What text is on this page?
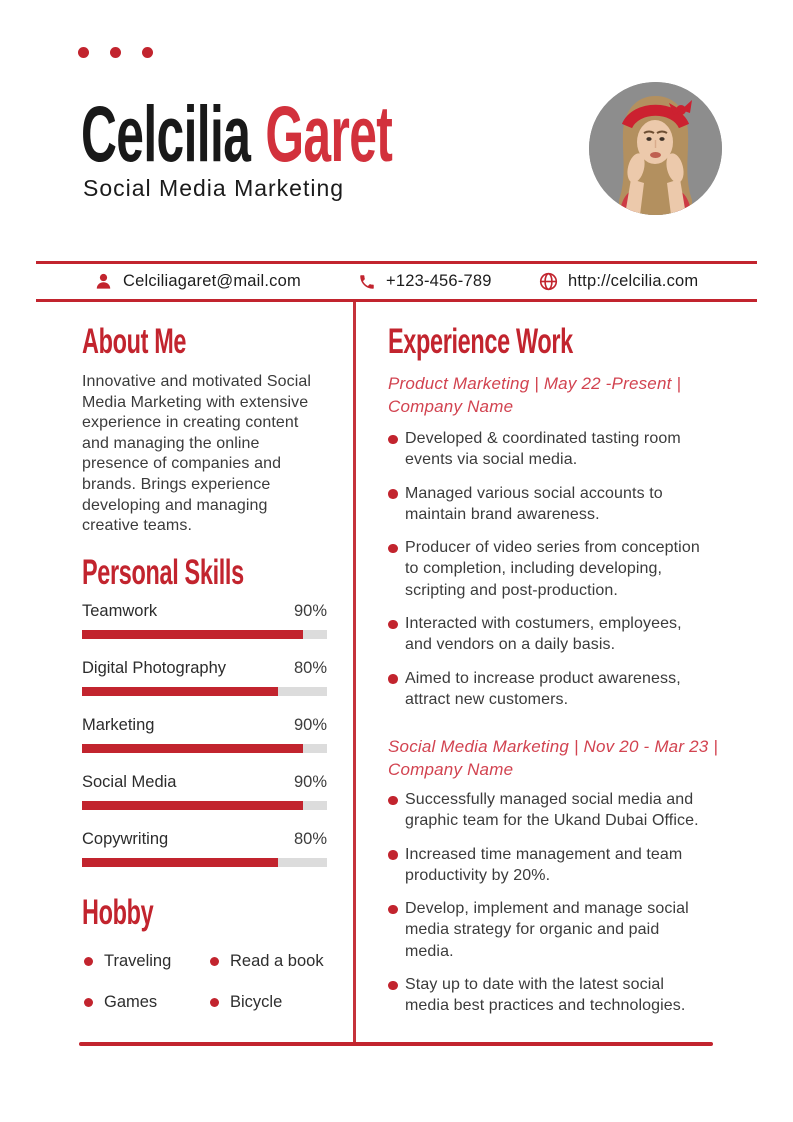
Celcilia Garet
Social Media Marketing
Celciliagaret@mail.com	+123-456-789	http://celcilia.com
About Me
Innovative and motivated Social
Media Marketing with extensive
experience in creating content
and managing the online
presence of companies and
brands. Brings experience
developing and managing
creative teams.
Personal Skills
Teamwork	90%
Digital Photography	80%
Marketing	90%
Social Media	90%
Copywriting	80%
Hobby
Traveling	Read a book
Games	Bicycle
Experience Work
Product Marketing | May 22 -Present |
Company Name
Developed & coordinated tasting room
events via social media.
Managed various social accounts to
maintain brand awareness.
Producer of video series from conception
to completion, including developing,
scripting and post-production.
Interacted with costumers, employees,
and vendors on a daily basis.
Aimed to increase product awareness,
attract new customers.
Social Media Marketing | Nov 20 - Mar 23 |
Company Name
Successfully managed social media and
graphic team for the Ukand Dubai Office.
Increased time management and team
productivity by 20%.
Develop, implement and manage social
media strategy for organic and paid
media.
Stay up to date with the latest social
media best practices and technologies.
